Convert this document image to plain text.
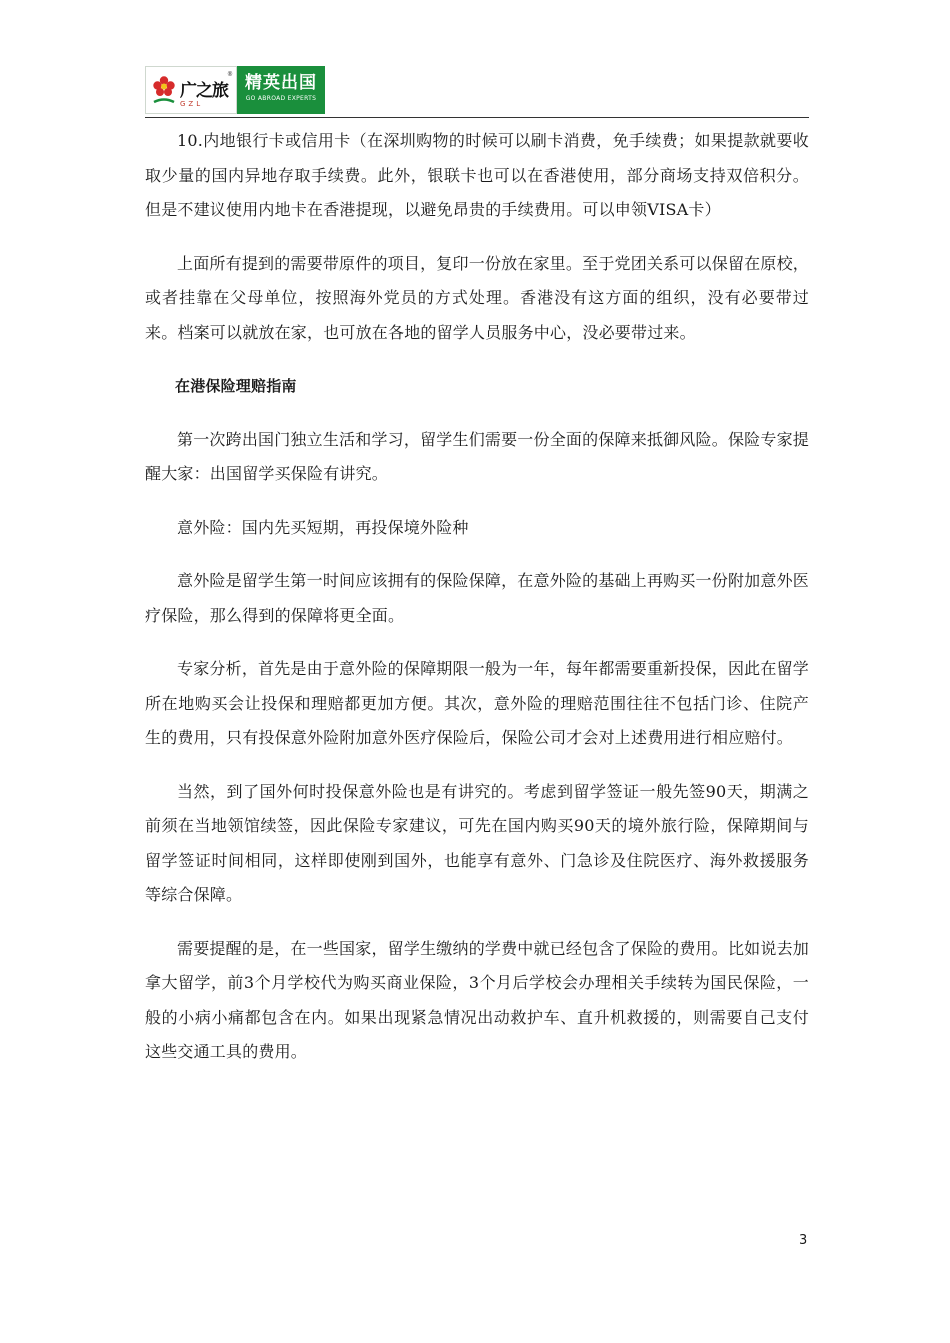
广之旅
®
GZL
精英出国
GO ABROAD EXPERTS

10.内地银行卡或信用卡（在深圳购物的时候可以刷卡消费，免手续费；如果提款就要收取少量的国内异地存取手续费。此外，银联卡也可以在香港使用，部分商场支持双倍积分。但是不建议使用内地卡在香港提现，以避免昂贵的手续费用。可以申领VISA卡）

上面所有提到的需要带原件的项目，复印一份放在家里。至于党团关系可以保留在原校，或者挂靠在父母单位，按照海外党员的方式处理。香港没有这方面的组织，没有必要带过来。档案可以就放在家，也可放在各地的留学人员服务中心，没必要带过来。

在港保险理赔指南

第一次跨出国门独立生活和学习，留学生们需要一份全面的保障来抵御风险。保险专家提醒大家：出国留学买保险有讲究。

意外险：国内先买短期，再投保境外险种

意外险是留学生第一时间应该拥有的保险保障，在意外险的基础上再购买一份附加意外医疗保险，那么得到的保障将更全面。

专家分析，首先是由于意外险的保障期限一般为一年，每年都需要重新投保，因此在留学所在地购买会让投保和理赔都更加方便。其次，意外险的理赔范围往往不包括门诊、住院产生的费用，只有投保意外险附加意外医疗保险后，保险公司才会对上述费用进行相应赔付。

当然，到了国外何时投保意外险也是有讲究的。考虑到留学签证一般先签90天，期满之前须在当地领馆续签，因此保险专家建议，可先在国内购买90天的境外旅行险，保障期间与留学签证时间相同，这样即使刚到国外，也能享有意外、门急诊及住院医疗、海外救援服务等综合保障。

需要提醒的是，在一些国家，留学生缴纳的学费中就已经包含了保险的费用。比如说去加拿大留学，前3个月学校代为购买商业保险，3个月后学校会办理相关手续转为国民保险，一般的小病小痛都包含在内。如果出现紧急情况出动救护车、直升机救援的，则需要自己支付这些交通工具的费用。

3
